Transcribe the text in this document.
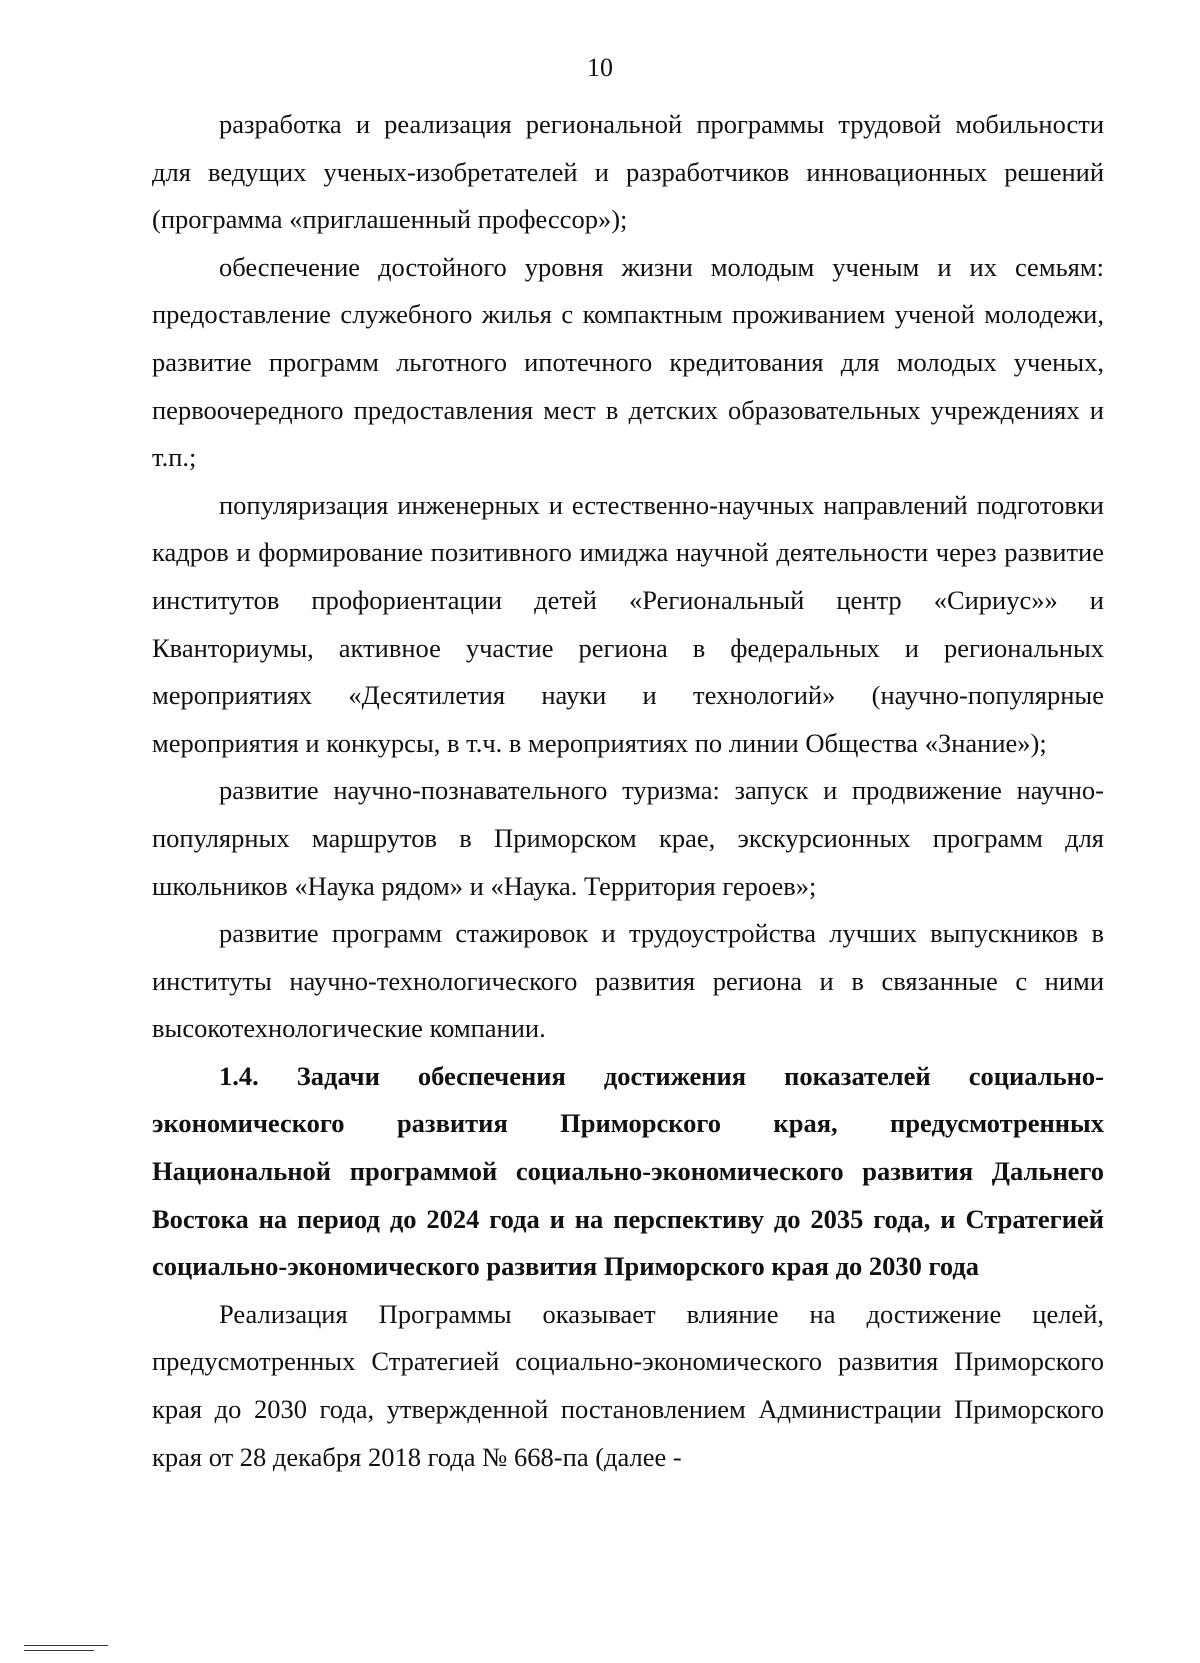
10

разработка и реализация региональной программы трудовой мобильности для ведущих ученых-изобретателей и разработчиков инновационных решений (программа «приглашенный профессор»);

обеспечение достойного уровня жизни молодым ученым и их семьям: предоставление служебного жилья с компактным проживанием ученой молодежи, развитие программ льготного ипотечного кредитования для молодых ученых, первоочередного предоставления мест в детских образовательных учреждениях и т.п.;

популяризация инженерных и естественно-научных направлений подготовки кадров и формирование позитивного имиджа научной деятельности через развитие институтов профориентации детей «Региональный центр «Сириус»» и Кванториумы, активное участие региона в федеральных и региональных мероприятиях «Десятилетия науки и технологий» (научно-популярные мероприятия и конкурсы, в т.ч. в мероприятиях по линии Общества «Знание»);

развитие научно-познавательного туризма: запуск и продвижение научно-популярных маршрутов в Приморском крае, экскурсионных программ для школьников «Наука рядом» и «Наука. Территория героев»;

развитие программ стажировок и трудоустройства лучших выпускников в институты научно-технологического развития региона и в связанные с ними высокотехнологические компании.

1.4. Задачи обеспечения достижения показателей социально-экономического развития Приморского края, предусмотренных Национальной программой социально-экономического развития Дальнего Востока на период до 2024 года и на перспективу до 2035 года, и Стратегией социально-экономического развития Приморского края до 2030 года

Реализация Программы оказывает влияние на достижение целей, предусмотренных Стратегией социально-экономического развития Приморского края до 2030 года, утвержденной постановлением Администрации Приморского края от 28 декабря 2018 года № 668-па (далее -
